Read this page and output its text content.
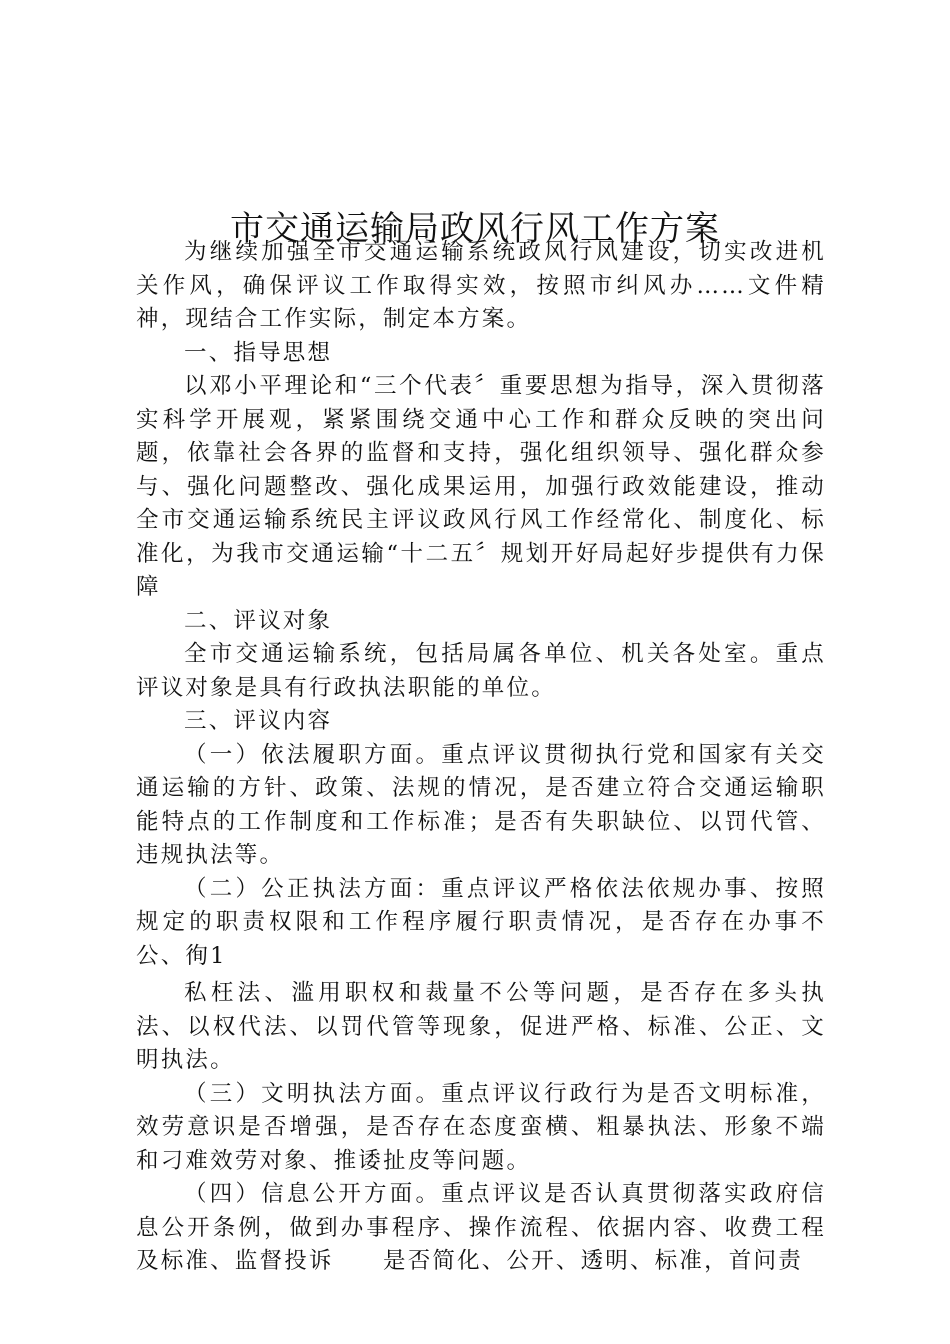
市交通运输局政风行风工作方案

为继续加强全市交通运输系统政风行风建设，切实改进机关作风，确保评议工作取得实效，按照市纠风办……文件精神，现结合工作实际，制定本方案。

一、指导思想

以邓小平理论和“三个代表〞重要思想为指导，深入贯彻落实科学开展观，紧紧围绕交通中心工作和群众反映的突出问题，依靠社会各界的监督和支持，强化组织领导、强化群众参与、强化问题整改、强化成果运用，加强行政效能建设，推动全市交通运输系统民主评议政风行风工作经常化、制度化、标准化，为我市交通运输“十二五〞规划开好局起好步提供有力保障

二、评议对象

全市交通运输系统，包括局属各单位、机关各处室。重点评议对象是具有行政执法职能的单位。

三、评议内容

（一）依法履职方面。重点评议贯彻执行党和国家有关交通运输的方针、政策、法规的情况，是否建立符合交通运输职能特点的工作制度和工作标准；是否有失职缺位、以罚代管、违规执法等。

（二）公正执法方面：重点评议严格依法依规办事、按照规定的职责权限和工作程序履行职责情况，是否存在办事不公、徇1

私枉法、滥用职权和裁量不公等问题，是否存在多头执法、以权代法、以罚代管等现象，促进严格、标准、公正、文明执法。

（三）文明执法方面。重点评议行政行为是否文明标准，效劳意识是否增强，是否存在态度蛮横、粗暴执法、形象不端和刁难效劳对象、推诿扯皮等问题。

（四）信息公开方面。重点评议是否认真贯彻落实政府信息公开条例，做到办事程序、操作流程、依据内容、收费工程及标准、监督投诉　　是否简化、公开、透明、标准，首问责
